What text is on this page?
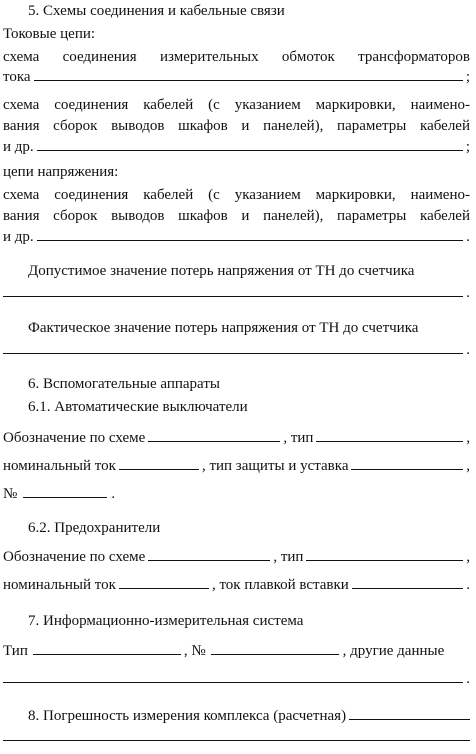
5. Схемы соединения и кабельные связи
Токовые цепи:
схема соединения измерительных обмоток трансформаторов
тока	;
схема соединения кабелей (с указанием маркировки, наимено-
вания сборок выводов шкафов и панелей), параметры кабелей
и др.	;
цепи напряжения:
схема соединения кабелей (с указанием маркировки, наимено-
вания сборок выводов шкафов и панелей), параметры кабелей
и др.	.
Допустимое значение потерь напряжения от ТН до счетчика
.
Фактическое значение потерь напряжения от ТН до счетчика
.
6. Вспомогательные аппараты
6.1. Автоматические выключатели
Обозначение по схеме	, тип	,
номинальный ток	, тип защиты и уставка	,
№	.
6.2. Предохранители
Обозначение по схеме	, тип	,
номинальный ток	, ток плавкой вставки	.
7. Информационно-измерительная система
Тип	, №	, другие данные
.
8. Погрешность измерения комплекса (расчетная)
